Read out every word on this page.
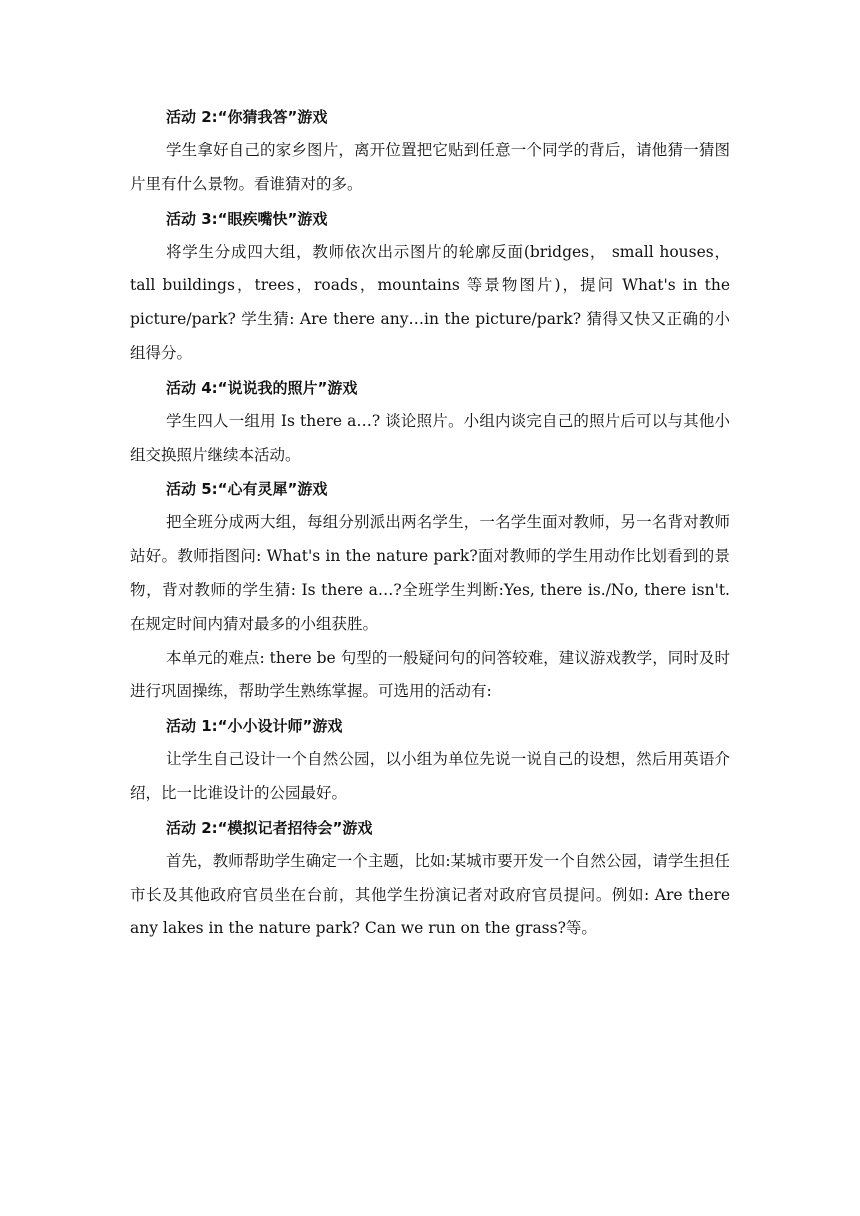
活动 2:“你猜我答”游戏

学生拿好自己的家乡图片，离开位置把它贴到任意一个同学的背后，请他猜一猜图片里有什么景物。看谁猜对的多。

活动 3:“眼疾嘴快”游戏

将学生分成四大组，教师依次出示图片的轮廓反面(bridges， small houses，tall buildings，trees，roads，mountains 等景物图片)，提问 What's in the picture/park? 学生猜: Are there any…in the picture/park? 猜得又快又正确的小组得分。

活动 4:“说说我的照片”游戏

学生四人一组用 Is there a…? 谈论照片。小组内谈完自己的照片后可以与其他小组交换照片继续本活动。

活动 5:“心有灵犀”游戏

把全班分成两大组，每组分别派出两名学生，一名学生面对教师，另一名背对教师站好。教师指图问: What's in the nature park?面对教师的学生用动作比划看到的景物，背对教师的学生猜: Is there a…?全班学生判断:Yes, there is./No, there isn't. 在规定时间内猜对最多的小组获胜。

本单元的难点: there be 句型的一般疑问句的问答较难，建议游戏教学，同时及时进行巩固操练，帮助学生熟练掌握。可选用的活动有:

活动 1:“小小设计师”游戏

让学生自己设计一个自然公园，以小组为单位先说一说自己的设想，然后用英语介绍，比一比谁设计的公园最好。

活动 2:“模拟记者招待会”游戏

首先，教师帮助学生确定一个主题，比如:某城市要开发一个自然公园，请学生担任市长及其他政府官员坐在台前，其他学生扮演记者对政府官员提问。例如: Are there any lakes in the nature park? Can we run on the grass?等。
